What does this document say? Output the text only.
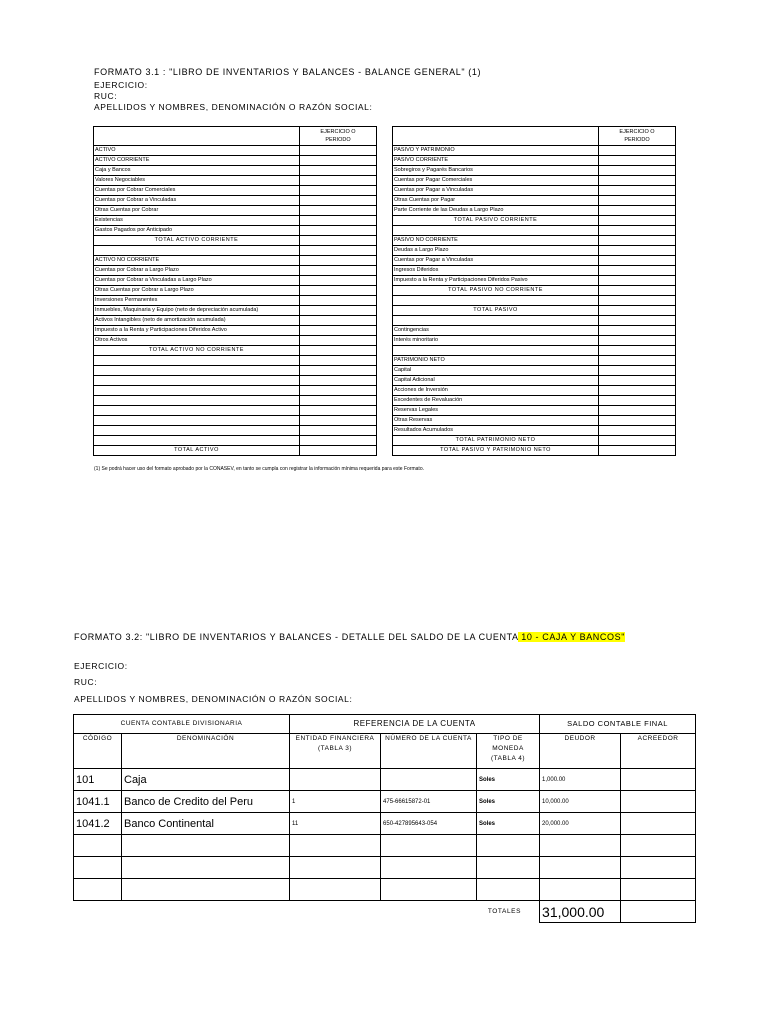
FORMATO 3.1 : "LIBRO DE INVENTARIOS Y BALANCES - BALANCE GENERAL" (1)
EJERCICIO:
RUC:
APELLIDOS Y NOMBRES, DENOMINACIÓN O RAZÓN SOCIAL:
	EJERCICIO O PERIODO
ACTIVO	
ACTIVO CORRIENTE	
Caja y Bancos	
Valores Negociables	
Cuentas por Cobrar Comerciales	
Cuentas por Cobrar a Vinculadas	
Otras Cuentas por Cobrar	
Existencias	
Gastos Pagados por Anticipado	
TOTAL ACTIVO CORRIENTE	

ACTIVO NO CORRIENTE	
Cuentas por Cobrar a Largo Plazo	
Cuentas por Cobrar a Vinculadas a Largo Plazo	
Otras Cuentas por Cobrar a Largo Plazo	
Inversiones Permanentes	
Inmuebles, Maquinaria y Equipo (neto de depreciación acumulada)	
Activos Intangibles (neto de amortización acumulada)	
Impuesto a la Renta y Participaciones Diferidos Activo	
Otros Activos	
TOTAL ACTIVO NO CORRIENTE	

TOTAL ACTIVO	
	EJERCICIO O PERIODO
PASIVO Y PATRIMONIO	
PASIVO CORRIENTE	
Sobregiros y Pagarés Bancarios	
Cuentas por Pagar Comerciales	
Cuentas por Pagar a Vinculadas	
Otras Cuentas por Pagar	
Parte Corriente de las Deudas a Largo Plazo	
TOTAL PASIVO CORRIENTE	

PASIVO NO CORRIENTE	
Deudas a Largo Plazo	
Cuentas por Pagar a Vinculadas	
Ingresos Diferidos	
Impuesto a la Renta y Participaciones Diferidos Pasivo	
TOTAL PASIVO NO CORRIENTE	

TOTAL PASIVO	

Contingencias	
Interés minoritario	

PATRIMONIO NETO	
Capital	
Capital Adicional	
Acciones de Inversión	
Excedentes de Revaluación	
Reservas Legales	
Otras Reservas	
Resultados Acumulados	
TOTAL PATRIMONIO NETO	
TOTAL PASIVO Y PATRIMONIO NETO	
(1) Se podrá hacer uso del formato aprobado por la CONASEV, en tanto se cumpla con registrar la información mínima requerida para este Formato.
FORMATO 3.2: "LIBRO DE INVENTARIOS Y BALANCES - DETALLE DEL SALDO DE LA CUENTA 10 - CAJA Y BANCOS"
EJERCICIO:
RUC:
APELLIDOS Y NOMBRES, DENOMINACIÓN O RAZÓN SOCIAL:
CUENTA CONTABLE DIVISIONARIA		REFERENCIA DE LA CUENTA			SALDO CONTABLE FINAL	
CÓDIGO	DENOMINACIÓN	ENTIDAD FINANCIERA (TABLA 3)	NÚMERO DE LA CUENTA	TIPO DE MONEDA (TABLA 4)	DEUDOR	ACREEDOR
101	Caja			Soles	1,000.00	
1041.1	Banco de Credito del Peru	1	475-66615872-01	Soles	10,000.00	
1041.2	Banco Continental	11	650-427895643-054	Soles	20,000.00	

TOTALES					31,000.00	
